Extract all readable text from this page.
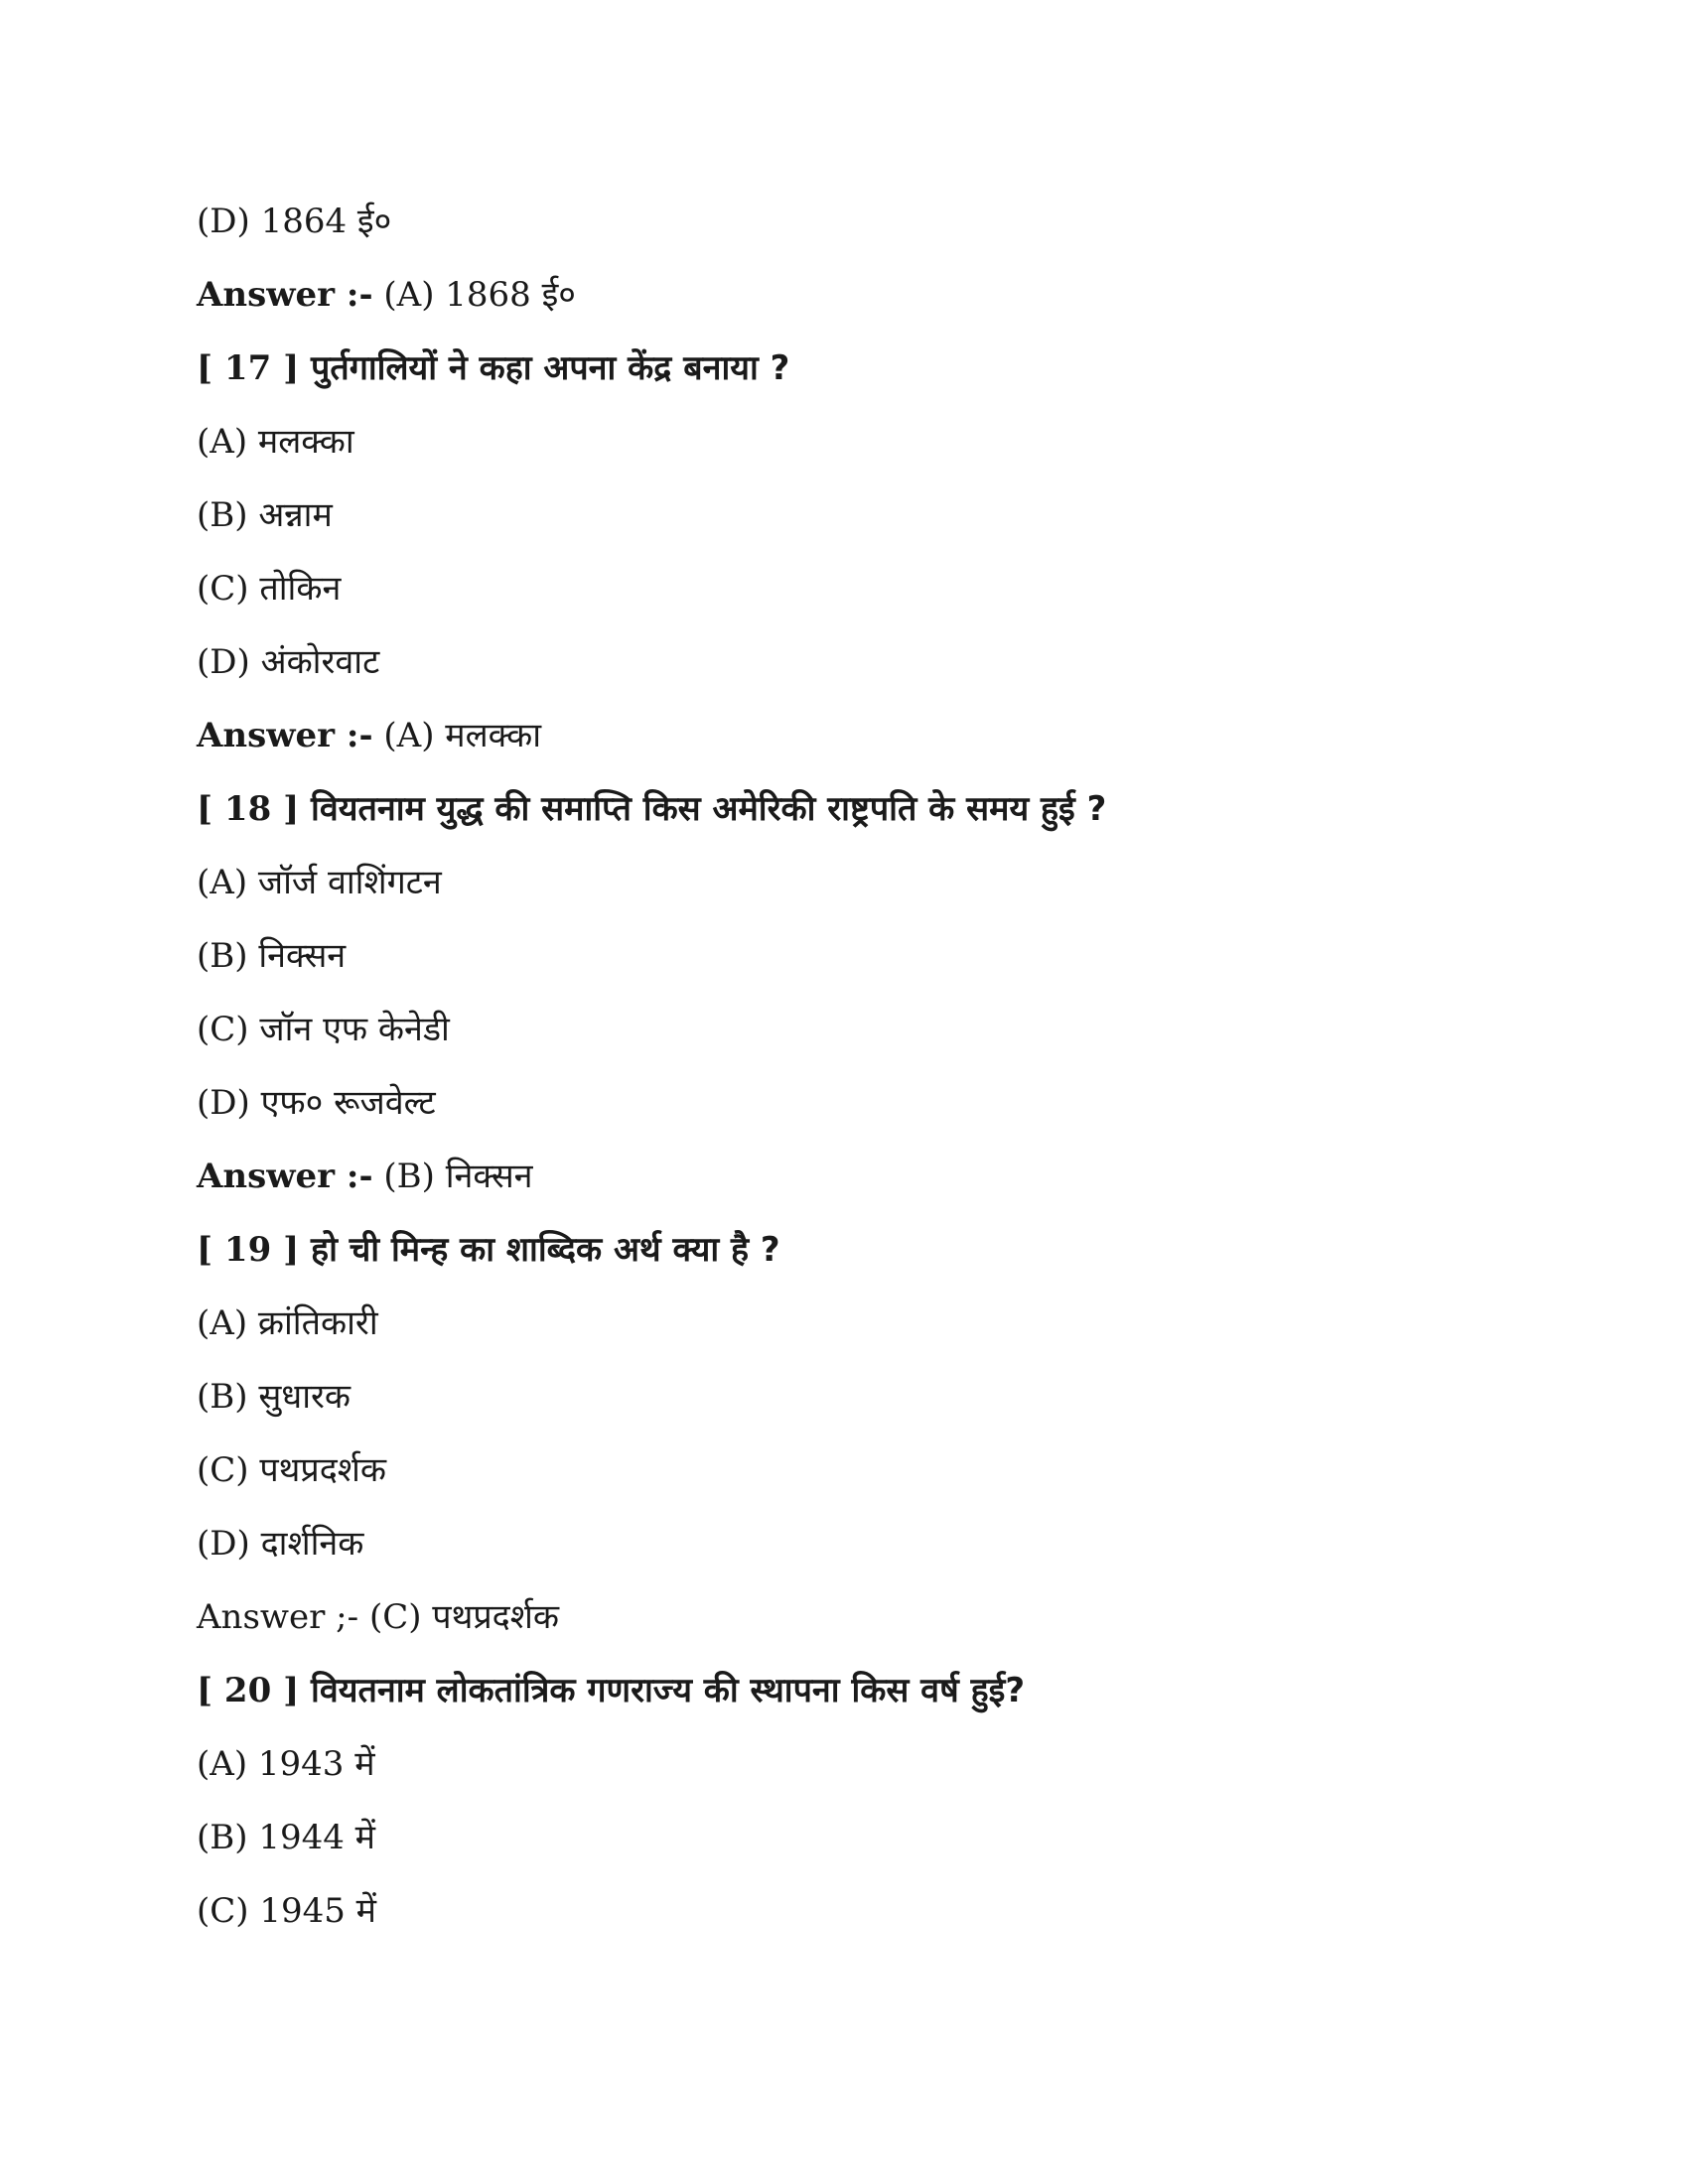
(D) 1864 ई०
Answer :- (A) 1868 ई०
[ 17 ] पुर्तगालियों ने कहा अपना केंद्र बनाया ?
(A) मलक्का
(B) अन्नाम
(C) तोकिन
(D) अंकोरवाट
Answer :- (A) मलक्का
[ 18 ] वियतनाम युद्ध की समाप्ति किस अमेरिकी राष्ट्रपति के समय हुई ?
(A) जॉर्ज वाशिंगटन
(B) निक्सन
(C) जॉन एफ केनेडी
(D) एफ० रूजवेल्ट
Answer :- (B) निक्सन
[ 19 ] हो ची मिन्ह का शाब्दिक अर्थ क्या है ?
(A) क्रांतिकारी
(B) सुधारक
(C) पथप्रदर्शक
(D) दार्शनिक
Answer ;- (C) पथप्रदर्शक
[ 20 ] वियतनाम लोकतांत्रिक गणराज्य की स्थापना किस वर्ष हुई?
(A) 1943 में
(B) 1944 में
(C) 1945 में
